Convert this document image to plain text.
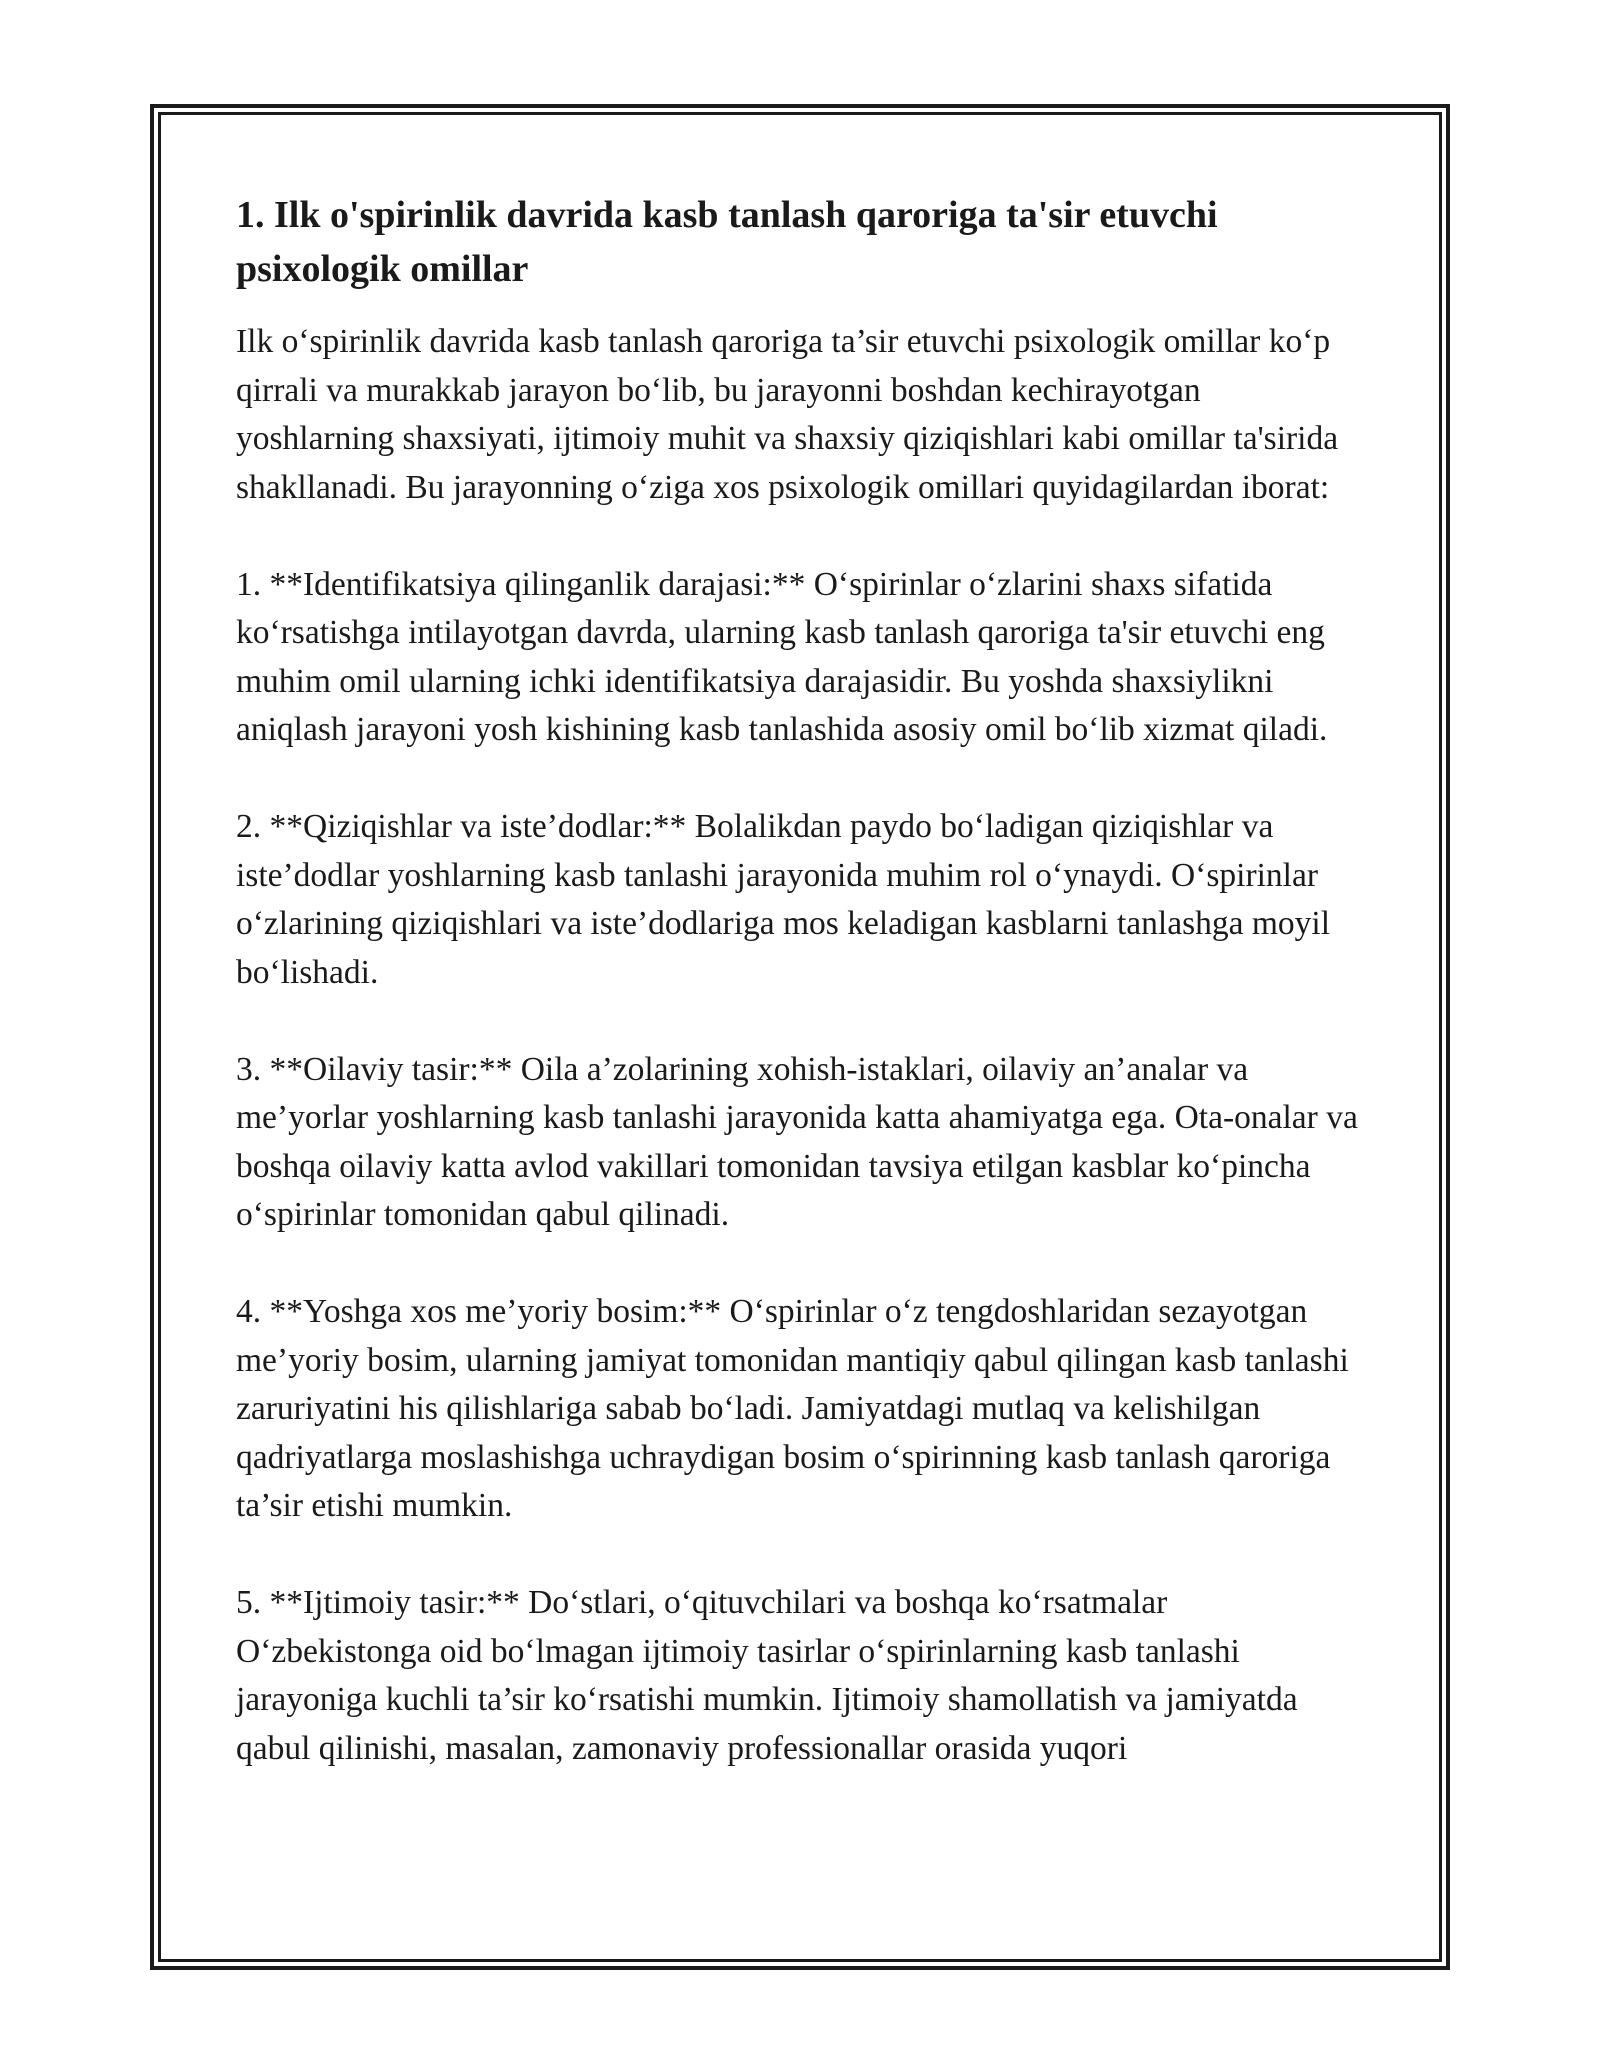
1. Ilk o'spirinlik davrida kasb tanlash qaroriga ta'sir etuvchi psixologik omillar

Ilk o‘spirinlik davrida kasb tanlash qaroriga ta’sir etuvchi psixologik omillar ko‘p qirrali va murakkab jarayon bo‘lib, bu jarayonni boshdan kechirayotgan yoshlarning shaxsiyati, ijtimoiy muhit va shaxsiy qiziqishlari kabi omillar ta'sirida shakllanadi. Bu jarayonning o‘ziga xos psixologik omillari quyidagilardan iborat:

1. **Identifikatsiya qilinganlik darajasi:** O‘spirinlar o‘zlarini shaxs sifatida ko‘rsatishga intilayotgan davrda, ularning kasb tanlash qaroriga ta'sir etuvchi eng muhim omil ularning ichki identifikatsiya darajasidir. Bu yoshda shaxsiylikni aniqlash jarayoni yosh kishining kasb tanlashida asosiy omil bo‘lib xizmat qiladi.

2. **Qiziqishlar va iste’dodlar:** Bolalikdan paydo bo‘ladigan qiziqishlar va iste’dodlar yoshlarning kasb tanlashi jarayonida muhim rol o‘ynaydi. O‘spirinlar o‘zlarining qiziqishlari va iste’dodlariga mos keladigan kasblarni tanlashga moyil bo‘lishadi.

3. **Oilaviy tasir:** Oila a’zolarining xohish-istaklari, oilaviy an’analar va me’yorlar yoshlarning kasb tanlashi jarayonida katta ahamiyatga ega. Ota-onalar va boshqa oilaviy katta avlod vakillari tomonidan tavsiya etilgan kasblar ko‘pincha o‘spirinlar tomonidan qabul qilinadi.

4. **Yoshga xos me’yoriy bosim:** O‘spirinlar o‘z tengdoshlaridan sezayotgan me’yoriy bosim, ularning jamiyat tomonidan mantiqiy qabul qilingan kasb tanlashi zaruriyatini his qilishlariga sabab bo‘ladi. Jamiyatdagi mutlaq va kelishilgan qadriyatlarga moslashishga uchraydigan bosim o‘spirinning kasb tanlash qaroriga ta’sir etishi mumkin.

5. **Ijtimoiy tasir:** Do‘stlari, o‘qituvchilari va boshqa ko‘rsatmalar O‘zbekistonga oid bo‘lmagan ijtimoiy tasirlar o‘spirinlarning kasb tanlashi jarayoniga kuchli ta’sir ko‘rsatishi mumkin. Ijtimoiy shamollatish va jamiyatda qabul qilinishi, masalan, zamonaviy professionallar orasida yuqori
